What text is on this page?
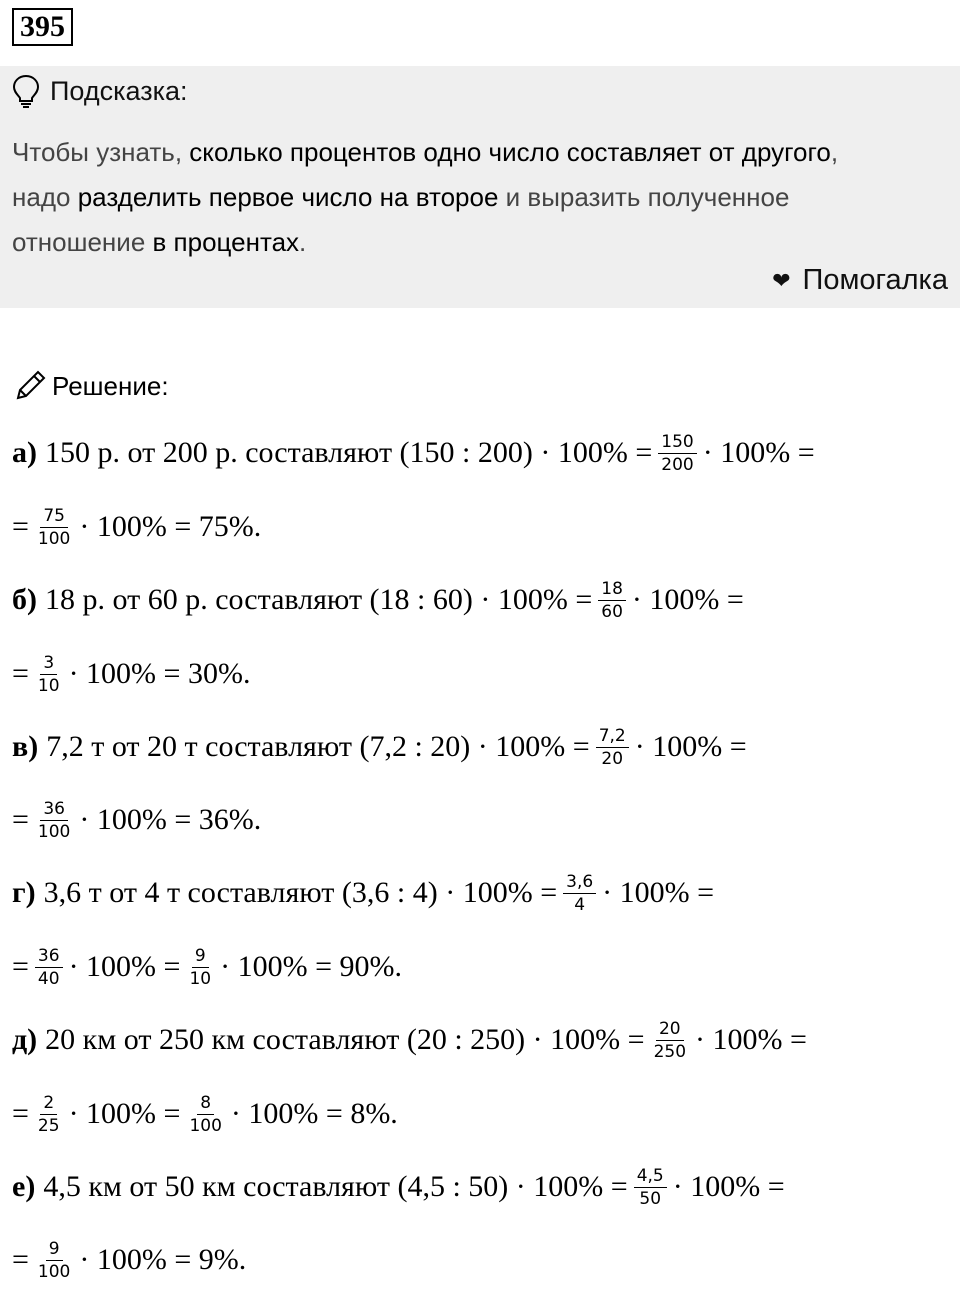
395
Подсказка:
Чтобы узнать, сколько процентов одно число составляет от другого,
надо разделить первое число на второе и выразить полученное
отношение в процентах.
❤ Помогалка
Решение:
а) 150 р. от 200 р. составляют (150 : $200) \cdot 100\% = \frac{150}{200} \cdot 100\%$ =
= $\frac{75}{100} \cdot 100\% = 75\%$.
б) 18 р. от 60 р. составляют (18 : $60) \cdot 100\% = \frac{18}{60} \cdot 100\%$ =
= $\frac{3}{10} \cdot 100\% = 30\%$.
в) 7,2 т от 20 т составляют (7,2 : $20) \cdot 100\% = \frac{7,2}{20} \cdot 100\%$ =
= $\frac{36}{100} \cdot 100\% = 36\%$.
г) 3,6 т от 4 т составляют (3,6 : $4) \cdot 100\% = \frac{3,6}{4} \cdot 100\%$ =
= $\frac{36}{40} \cdot 100\% = \frac{9}{10} \cdot 100\% = 90\%$.
д) 20 км от 250 км составляют (20 : $250) \cdot 100\% = \frac{20}{250} \cdot 100\%$ =
= $\frac{2}{25} \cdot 100\% = \frac{8}{100} \cdot 100\% = 8\%$.
е) 4,5 км от 50 км составляют (4,5 : $50) \cdot 100\% = \frac{4,5}{50} \cdot 100\%$ =
= $\frac{9}{100} \cdot 100\% = 9\%$.
